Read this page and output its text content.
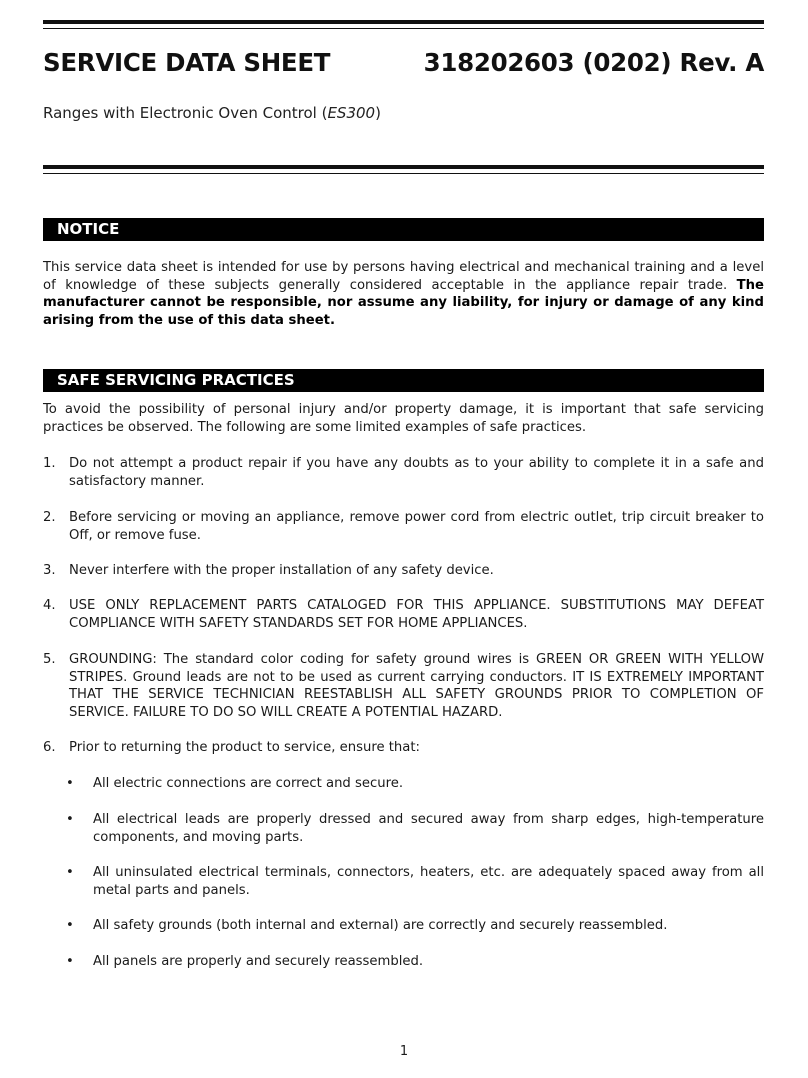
SERVICE DATA SHEET	318202603 (0202) Rev. A
Ranges with Electronic Oven Control (ES300)
NOTICE
This service data sheet is intended for use by persons having electrical and mechanical training and a level of knowledge of these subjects generally considered acceptable in the appliance repair trade. The manufacturer cannot be responsible, nor assume any liability, for injury or damage of any kind arising from the use of this data sheet.
SAFE SERVICING PRACTICES
To avoid the possibility of personal injury and/or property damage, it is important that safe servicing practices be observed. The following are some limited examples of safe practices.
1. Do not attempt a product repair if you have any doubts as to your ability to complete it in a safe and satisfactory manner.
2. Before servicing or moving an appliance, remove power cord from electric outlet, trip circuit breaker to Off, or remove fuse.
3. Never interfere with the proper installation of any safety device.
4. USE ONLY REPLACEMENT PARTS CATALOGED FOR THIS APPLIANCE. SUBSTITUTIONS MAY DEFEAT COMPLIANCE WITH SAFETY STANDARDS SET FOR HOME APPLIANCES.
5. GROUNDING: The standard color coding for safety ground wires is GREEN OR GREEN WITH YELLOW STRIPES. Ground leads are not to be used as current carrying conductors. IT IS EXTREMELY IMPORTANT THAT THE SERVICE TECHNICIAN REESTABLISH ALL SAFETY GROUNDS PRIOR TO COMPLETION OF SERVICE. FAILURE TO DO SO WILL CREATE A POTENTIAL HAZARD.
6. Prior to returning the product to service, ensure that:
• All electric connections are correct and secure.
• All electrical leads are properly dressed and secured away from sharp edges, high-temperature components, and moving parts.
• All uninsulated electrical terminals, connectors, heaters, etc. are adequately spaced away from all metal parts and panels.
• All safety grounds (both internal and external) are correctly and securely reassembled.
• All panels are properly and securely reassembled.
1
